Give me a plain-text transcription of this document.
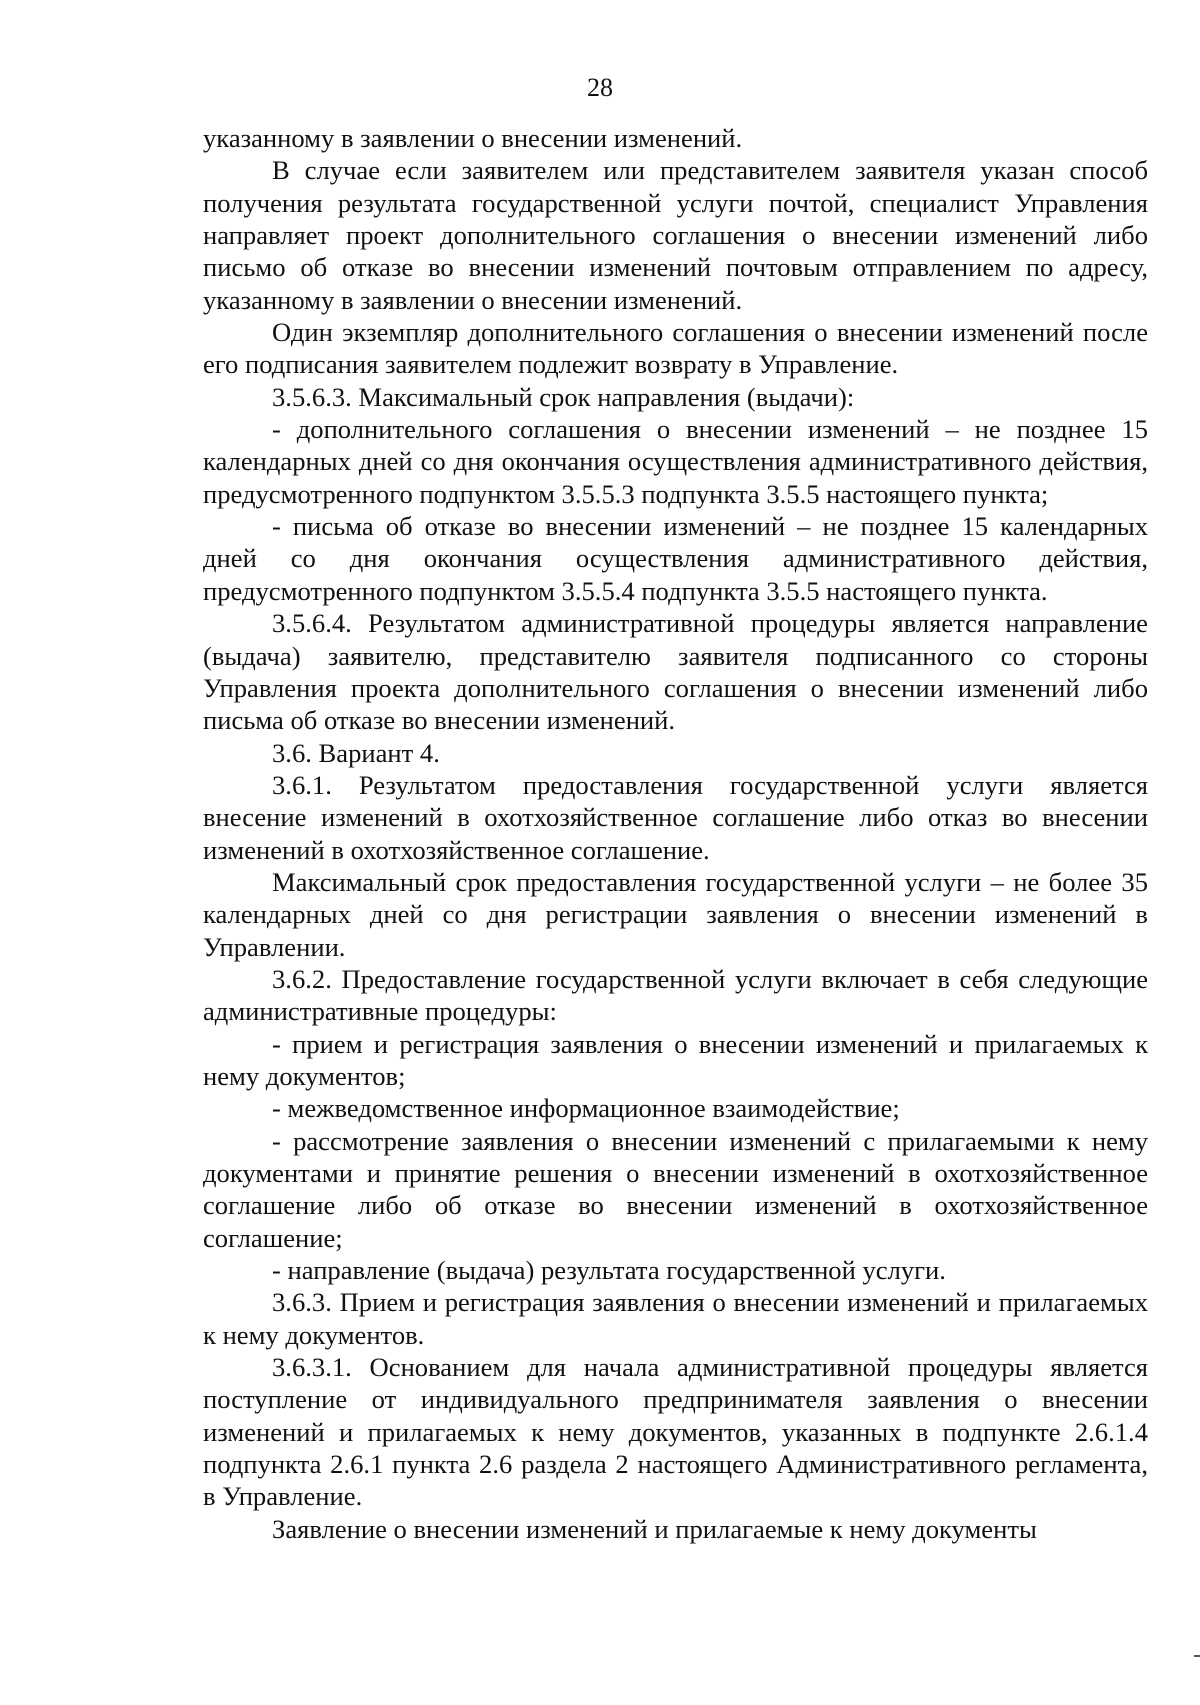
28

указанному в заявлении о внесении изменений.

В случае если заявителем или представителем заявителя указан способ получения результата государственной услуги почтой, специалист Управления направляет проект дополнительного соглашения о внесении изменений либо письмо об отказе во внесении изменений почтовым отправлением по адресу, указанному в заявлении о внесении изменений.

Один экземпляр дополнительного соглашения о внесении изменений после его подписания заявителем подлежит возврату в Управление.

3.5.6.3. Максимальный срок направления (выдачи):

- дополнительного соглашения о внесении изменений – не позднее 15 календарных дней со дня окончания осуществления административного действия, предусмотренного подпунктом 3.5.5.3 подпункта 3.5.5 настоящего пункта;

- письма об отказе во внесении изменений – не позднее 15 календарных дней со дня окончания осуществления административного действия, предусмотренного подпунктом 3.5.5.4 подпункта 3.5.5 настоящего пункта.

3.5.6.4. Результатом административной процедуры является направление (выдача) заявителю, представителю заявителя подписанного со стороны Управления проекта дополнительного соглашения о внесении изменений либо письма об отказе во внесении изменений.

3.6. Вариант 4.

3.6.1. Результатом предоставления государственной услуги является внесение изменений в охотхозяйственное соглашение либо отказ во внесении изменений в охотхозяйственное соглашение.

Максимальный срок предоставления государственной услуги – не более 35 календарных дней со дня регистрации заявления о внесении изменений в Управлении.

3.6.2. Предоставление государственной услуги включает в себя следующие административные процедуры:

- прием и регистрация заявления о внесении изменений и прилагаемых к нему документов;

- межведомственное информационное взаимодействие;

- рассмотрение заявления о внесении изменений с прилагаемыми к нему документами и принятие решения о внесении изменений в охотхозяйственное соглашение либо об отказе во внесении изменений в охотхозяйственное соглашение;

- направление (выдача) результата государственной услуги.

3.6.3. Прием и регистрация заявления о внесении изменений и прилагаемых к нему документов.

3.6.3.1. Основанием для начала административной процедуры является поступление от индивидуального предпринимателя заявления о внесении изменений и прилагаемых к нему документов, указанных в подпункте 2.6.1.4 подпункта 2.6.1 пункта 2.6 раздела 2 настоящего Административного регламента, в Управление.

Заявление о внесении изменений и прилагаемые к нему документы
